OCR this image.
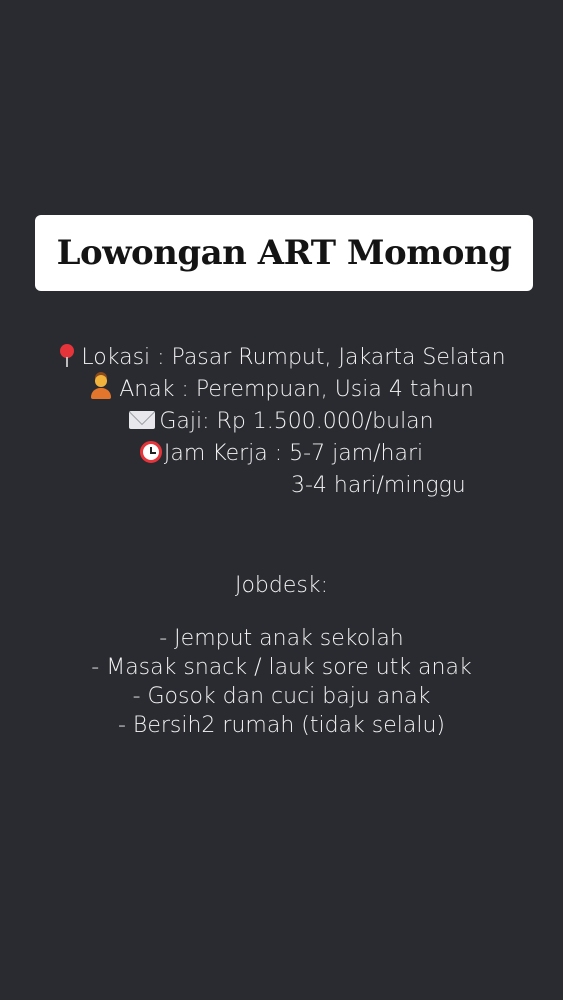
Lowongan ART Momong
Lokasi : Pasar Rumput, Jakarta Selatan
Anak : Perempuan, Usia 4 tahun
Gaji: Rp 1.500.000/bulan
Jam Kerja : 5-7 jam/hari
3-4 hari/minggu
Jobdesk:
- Jemput anak sekolah
- Masak snack / lauk sore utk anak
- Gosok dan cuci baju anak
- Bersih2 rumah (tidak selalu)
